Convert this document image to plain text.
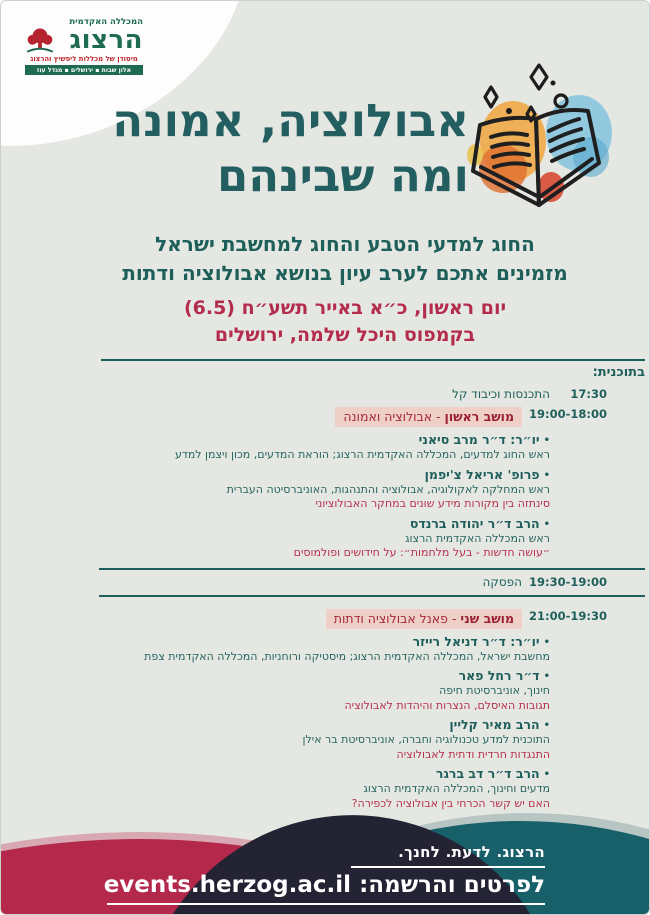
המכללה האקדמית
הרצוג
מיסודן של מכללות ליפשיץ והרצוג
אלון שבות ▪ ירושלים ▪ מגדל עוז
אבולוציה, אמונה
ומה שבינהם
החוג למדעי הטבע והחוג למחשבת ישראל
מזמינים אתכם לערב עיון בנושא אבולוציה ודתות
יום ראשון, כ״א באייר תשע״ח (6.5)
בקמפוס היכל שלמה, ירושלים
בתוכנית:
17:30
התכנסות וכיבוד קל
19:00-18:00
מושב ראשון - אבולוציה ואמונה
•יו״ר: ד״ר מרב סיאני
ראש החוג למדעים, המכללה האקדמית הרצוג; הוראת המדעים, מכון ויצמן למדע
•פרופ' אריאל צ'יפמן
ראש המחלקה לאקולוגיה, אבולוציה והתנהגות, האוניברסיטה העברית
סינתזה בין מקורות מידע שונים במחקר האבולוציוני
•הרב ד״ר יהודה ברנדס
ראש המכללה האקדמית הרצוג
״עושה חדשות - בעל מלחמות״: על חידושים ופולמוסים
19:30-19:00
הפסקה
21:00-19:30
מושב שני - פאנל אבולוציה ודתות
•יו״ר: ד״ר דניאל רייזר
מחשבת ישראל, המכללה האקדמית הרצוג; מיסטיקה ורוחניות, המכללה האקדמית צפת
•ד״ר רחל פאר
חינוך, אוניברסיטת חיפה
תגובות האיסלם, הנצרות והיהדות לאבולוציה
•הרב מאיר קליין
התוכנית למדע טכנולוגיה וחברה, אוניברסיטת בר אילן
התנגדות חרדית ודתית לאבולוציה
•הרב ד״ר דב ברגר
מדעים וחינוך, המכללה האקדמית הרצוג
האם יש קשר הכרחי בין אבולוציה לכפירה?
הרצוג. לדעת. לחנך.
לפרטים והרשמה: events.herzog.ac.il
